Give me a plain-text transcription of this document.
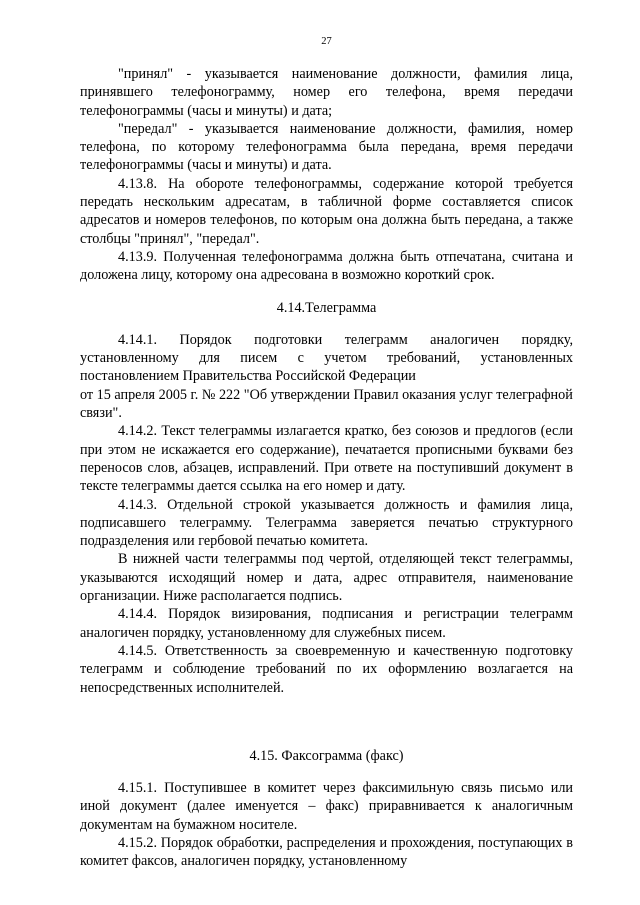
27

"принял" - указывается наименование должности, фамилия лица, принявшего телефонограмму, номер его телефона, время передачи телефонограммы (часы и минуты) и дата;

"передал" - указывается наименование должности, фамилия, номер телефона, по которому телефонограмма была передана, время передачи телефонограммы (часы и минуты) и дата.

4.13.8. На обороте телефонограммы, содержание которой требуется передать нескольким адресатам, в табличной форме составляется список адресатов и номеров телефонов, по которым она должна быть передана, а также столбцы "принял", "передал".

4.13.9. Полученная телефонограмма должна быть отпечатана, считана и доложена лицу, которому она адресована в возможно короткий срок.

4.14.Телеграмма

4.14.1. Порядок подготовки телеграмм аналогичен порядку, установленному для писем с учетом требований, установленных постановлением Правительства Российской Федерации

от 15 апреля 2005 г. № 222 "Об утверждении Правил оказания услуг телеграфной связи".

4.14.2. Текст телеграммы излагается кратко, без союзов и предлогов (если при этом не искажается его содержание), печатается прописными буквами без переносов слов, абзацев, исправлений. При ответе на поступивший документ в тексте телеграммы дается ссылка на его номер и дату.

4.14.3. Отдельной строкой указывается должность и фамилия лица, подписавшего телеграмму. Телеграмма заверяется печатью структурного подразделения или гербовой печатью комитета.

В нижней части телеграммы под чертой, отделяющей текст телеграммы, указываются исходящий номер и дата, адрес отправителя, наименование организации. Ниже располагается подпись.

4.14.4. Порядок визирования, подписания и регистрации телеграмм аналогичен порядку, установленному для служебных писем.

4.14.5. Ответственность за своевременную и качественную подготовку телеграмм и соблюдение требований по их оформлению возлагается на непосредственных исполнителей.

4.15. Факсограмма (факс)

4.15.1. Поступившее в комитет через факсимильную связь письмо или иной документ (далее именуется – факс) приравнивается к аналогичным документам на бумажном носителе.

4.15.2. Порядок обработки, распределения и прохождения, поступающих в комитет факсов, аналогичен порядку, установленному
